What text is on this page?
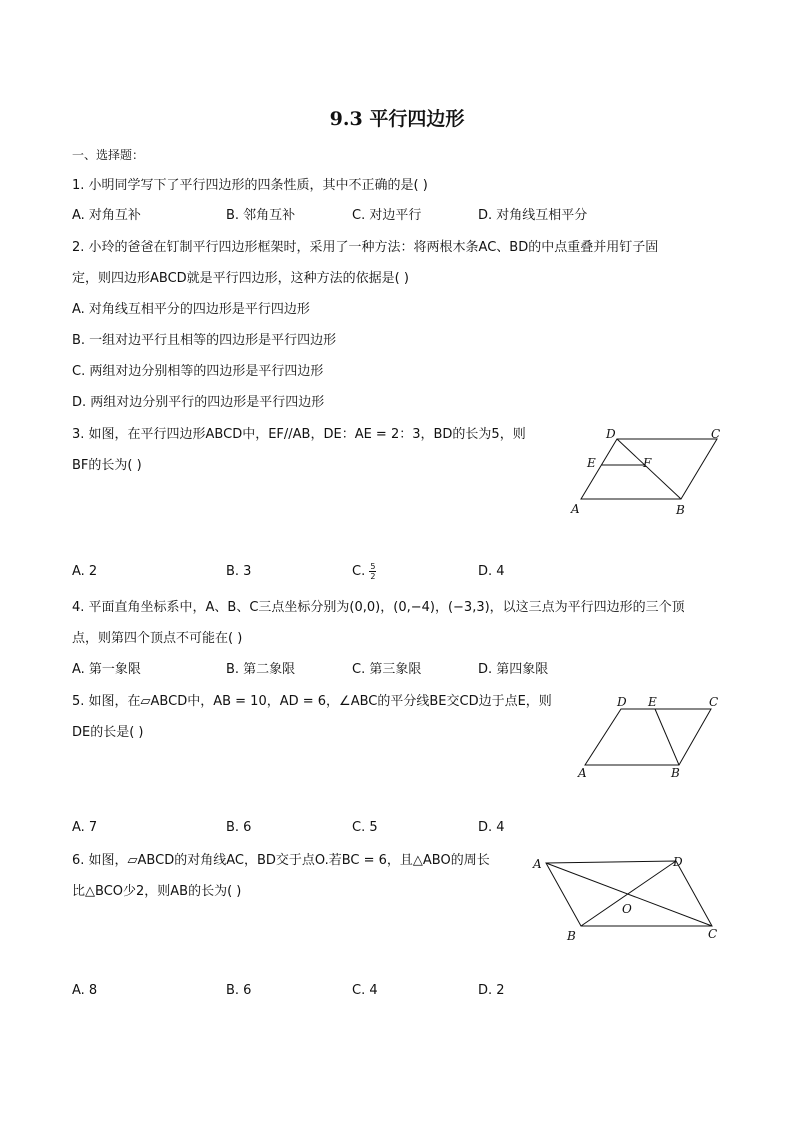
9.3 平行四边形
一、选择题：
1. 小明同学写下了平行四边形的四条性质，其中不正确的是( )
A. 对角互补	B. 邻角互补	C. 对边平行	D. 对角线互相平分
2. 小玲的爸爸在钉制平行四边形框架时，采用了一种方法：将两根木条AC、BD的中点重叠并用钉子固
定，则四边形ABCD就是平行四边形，这种方法的依据是( )
A. 对角线互相平分的四边形是平行四边形
B. 一组对边平行且相等的四边形是平行四边形
C. 两组对边分别相等的四边形是平行四边形
D. 两组对边分别平行的四边形是平行四边形
3. 如图，在平行四边形ABCD中，EF//AB，DE：AE = 2：3，BD的长为5，则
BF的长为( )
D	C
E	F
A	B
A. 2	B. 3	C. $\frac{5}{2}$	D. 4
4. 平面直角坐标系中，A、B、C三点坐标分别为(0,0)，(0,−4)，(−3,3)，以这三点为平行四边形的三个顶
点，则第四个顶点不可能在( )
A. 第一象限	B. 第二象限	C. 第三象限	D. 第四象限
5. 如图，在▱ABCD中，AB = 10，AD = 6，∠ABC的平分线BE交CD边于点E，则
DE的长是( )
D E	C
A	B
A. 7	B. 6	C. 5	D. 4
6. 如图，▱ABCD的对角线AC，BD交于点O.若BC = 6，且△ABO的周长
比△BCO少2，则AB的长为( )
A	D
O
B	C
A. 8	B. 6	C. 4	D. 2
